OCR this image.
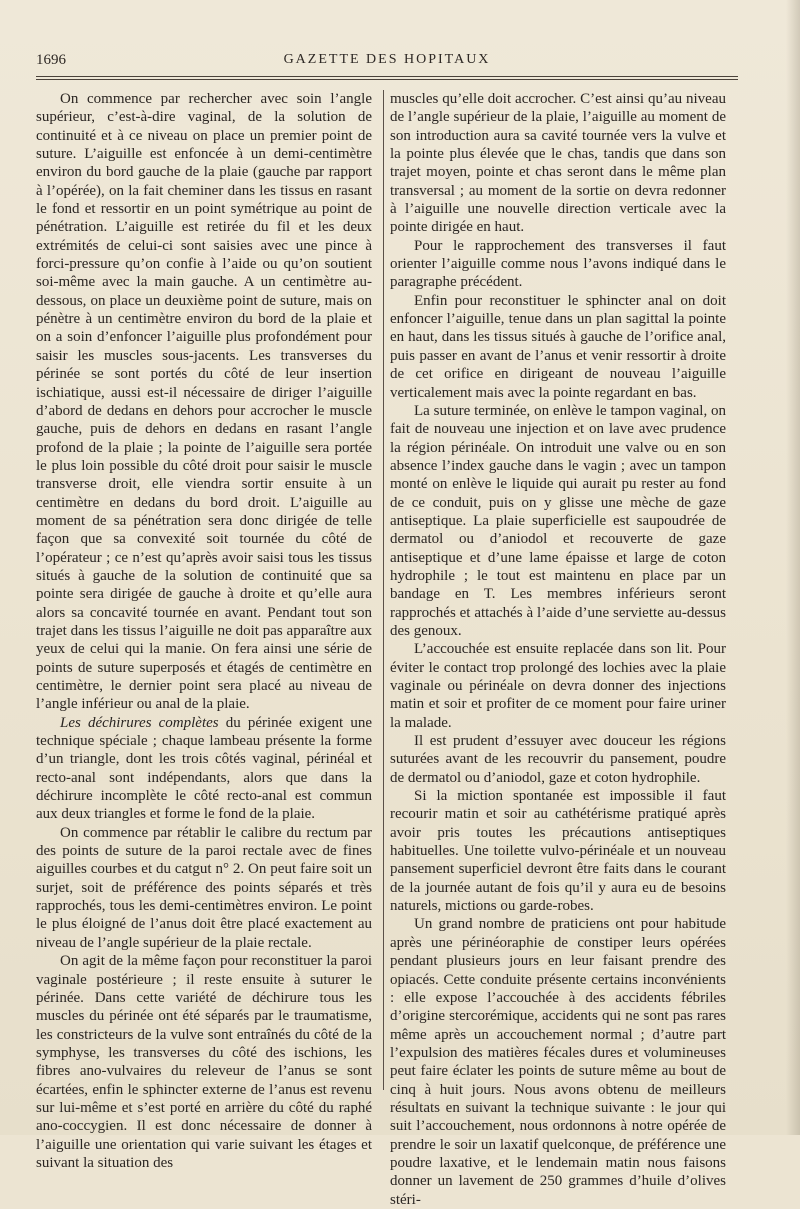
1696	GAZETTE DES HOPITAUX

On commence par rechercher avec soin l’angle supérieur, c’est-à-dire vaginal, de la solution de continuité et à ce niveau on place un premier point de suture. L’aiguille est enfoncée à un demi-centimètre environ du bord gauche de la plaie (gauche par rapport à l’opérée), on la fait cheminer dans les tissus en rasant le fond et ressortir en un point symétrique au point de pénétration. L’aiguille est retirée du fil et les deux extrémités de celui-ci sont saisies avec une pince à forci-pressure qu’on confie à l’aide ou qu’on soutient soi-même avec la main gauche. A un centimètre au-dessous, on place un deuxième point de suture, mais on pénètre à un centimètre environ du bord de la plaie et on a soin d’enfoncer l’aiguille plus profondément pour saisir les muscles sous-jacents. Les transverses du périnée se sont portés du côté de leur insertion ischiatique, aussi est-il nécessaire de diriger l’aiguille d’abord de dedans en dehors pour accrocher le muscle gauche, puis de dehors en dedans en rasant l’angle profond de la plaie ; la pointe de l’aiguille sera portée le plus loin possible du côté droit pour saisir le muscle transverse droit, elle viendra sortir ensuite à un centimètre en dedans du bord droit. L’aiguille au moment de sa pénétration sera donc dirigée de telle façon que sa convexité soit tournée du côté de l’opérateur ; ce n’est qu’après avoir saisi tous les tissus situés à gauche de la solution de continuité que sa pointe sera dirigée de gauche à droite et qu’elle aura alors sa concavité tournée en avant. Pendant tout son trajet dans les tissus l’aiguille ne doit pas apparaître aux yeux de celui qui la manie. On fera ainsi une série de points de suture superposés et étagés de centimètre en centimètre, le dernier point sera placé au niveau de l’angle inférieur ou anal de la plaie.

Les déchirures complètes du périnée exigent une technique spéciale ; chaque lambeau présente la forme d’un triangle, dont les trois côtés vaginal, périnéal et recto-anal sont indépendants, alors que dans la déchirure incomplète le côté recto-anal est commun aux deux triangles et forme le fond de la plaie.

On commence par rétablir le calibre du rectum par des points de suture de la paroi rectale avec de fines aiguilles courbes et du catgut n° 2. On peut faire soit un surjet, soit de préférence des points séparés et très rapprochés, tous les demi-centimètres environ. Le point le plus éloigné de l’anus doit être placé exactement au niveau de l’angle supérieur de la plaie rectale.

On agit de la même façon pour reconstituer la paroi vaginale postérieure ; il reste ensuite à suturer le périnée. Dans cette variété de déchirure tous les muscles du périnée ont été séparés par le traumatisme, les constricteurs de la vulve sont entraînés du côté de la symphyse, les transverses du côté des ischions, les fibres ano-vulvaires du releveur de l’anus se sont écartées, enfin le sphincter externe de l’anus est revenu sur lui-même et s’est porté en arrière du côté du raphé ano-coccygien. Il est donc nécessaire de donner à l’aiguille une orientation qui varie suivant les étages et suivant la situation des

muscles qu’elle doit accrocher. C’est ainsi qu’au niveau de l’angle supérieur de la plaie, l’aiguille au moment de son introduction aura sa cavité tournée vers la vulve et la pointe plus élevée que le chas, tandis que dans son trajet moyen, pointe et chas seront dans le même plan transversal ; au moment de la sortie on devra redonner à l’aiguille une nouvelle direction verticale avec la pointe dirigée en haut.

Pour le rapprochement des transverses il faut orienter l’aiguille comme nous l’avons indiqué dans le paragraphe précédent.

Enfin pour reconstituer le sphincter anal on doit enfoncer l’aiguille, tenue dans un plan sagittal la pointe en haut, dans les tissus situés à gauche de l’orifice anal, puis passer en avant de l’anus et venir ressortir à droite de cet orifice en dirigeant de nouveau l’aiguille verticalement mais avec la pointe regardant en bas.

La suture terminée, on enlève le tampon vaginal, on fait de nouveau une injection et on lave avec prudence la région périnéale. On introduit une valve ou en son absence l’index gauche dans le vagin ; avec un tampon monté on enlève le liquide qui aurait pu rester au fond de ce conduit, puis on y glisse une mèche de gaze antiseptique. La plaie superficielle est saupoudrée de dermatol ou d’aniodol et recouverte de gaze antiseptique et d’une lame épaisse et large de coton hydrophile ; le tout est maintenu en place par un bandage en T. Les membres inférieurs seront rapprochés et attachés à l’aide d’une serviette au-dessus des genoux.

L’accouchée est ensuite replacée dans son lit. Pour éviter le contact trop prolongé des lochies avec la plaie vaginale ou périnéale on devra donner des injections matin et soir et profiter de ce moment pour faire uriner la malade.

Il est prudent d’essuyer avec douceur les régions suturées avant de les recouvrir du pansement, poudre de dermatol ou d’aniodol, gaze et coton hydrophile.

Si la miction spontanée est impossible il faut recourir matin et soir au cathétérisme pratiqué après avoir pris toutes les précautions antiseptiques habituelles. Une toilette vulvo-périnéale et un nouveau pansement superficiel devront être faits dans le courant de la journée autant de fois qu’il y aura eu de besoins naturels, mictions ou garde-robes.

Un grand nombre de praticiens ont pour habitude après une périnéoraphie de constiper leurs opérées pendant plusieurs jours en leur faisant prendre des opiacés. Cette conduite présente certains inconvénients : elle expose l’accouchée à des accidents fébriles d’origine stercorémique, accidents qui ne sont pas rares même après un accouchement normal ; d’autre part l’expulsion des matières fécales dures et volumineuses peut faire éclater les points de suture même au bout de cinq à huit jours. Nous avons obtenu de meilleurs résultats en suivant la technique suivante : le jour qui suit l’accouchement, nous ordonnons à notre opérée de prendre le soir un laxatif quelconque, de préférence une poudre laxative, et le lendemain matin nous faisons donner un lavement de 250 grammes d’huile d’olives stéri-
